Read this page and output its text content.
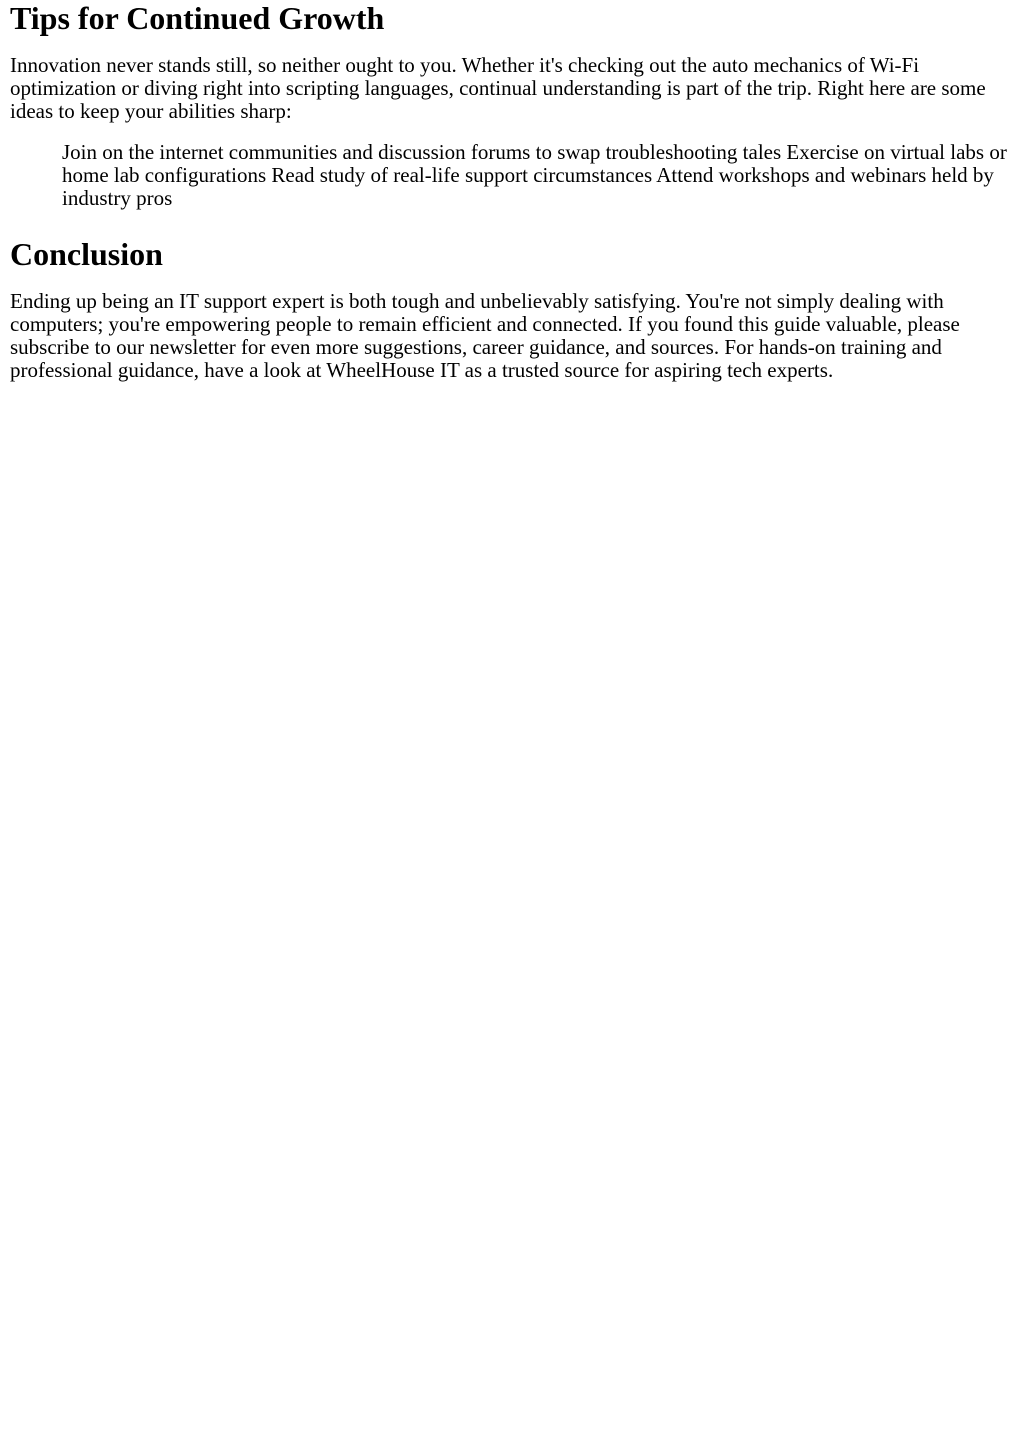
Tips for Continued Growth

Innovation never stands still, so neither ought to you. Whether it's checking out the auto mechanics of Wi-Fi optimization or diving right into scripting languages, continual understanding is part of the trip. Right here are some ideas to keep your abilities sharp:

Join on the internet communities and discussion forums to swap troubleshooting tales Exercise on virtual labs or home lab configurations Read study of real-life support circumstances Attend workshops and webinars held by industry pros
Conclusion

Ending up being an IT support expert is both tough and unbelievably satisfying. You're not simply dealing with computers; you're empowering people to remain efficient and connected. If you found this guide valuable, please subscribe to our newsletter for even more suggestions, career guidance, and sources. For hands-on training and professional guidance, have a look at WheelHouse IT as a trusted source for aspiring tech experts.
